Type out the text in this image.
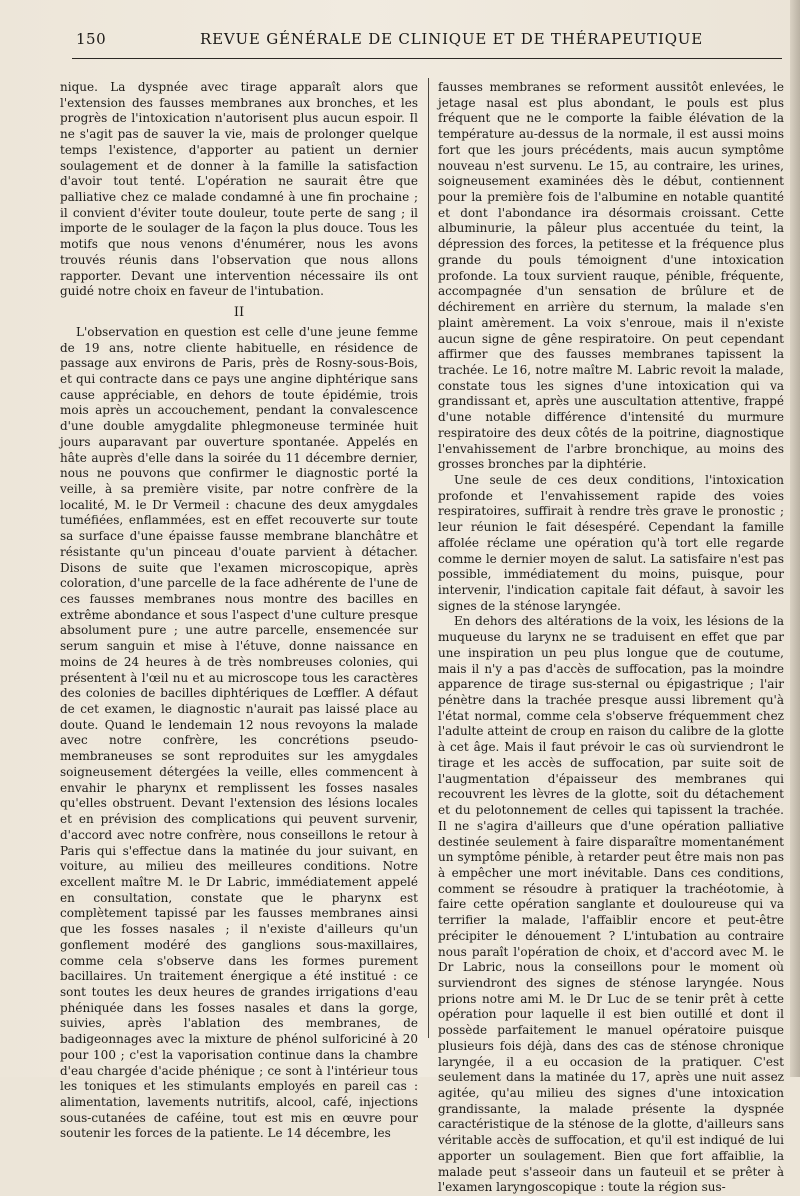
150	REVUE GÉNÉRALE DE CLINIQUE ET DE THÉRAPEUTIQUE

nique. La dyspnée avec tirage apparaît alors que l'extension des fausses membranes aux bronches, et les progrès de l'intoxication n'autorisent plus aucun espoir. Il ne s'agit pas de sauver la vie, mais de prolonger quelque temps l'existence, d'apporter au patient un dernier soulagement et de donner à la famille la satisfaction d'avoir tout tenté. L'opération ne saurait être que palliative chez ce malade condamné à une fin prochaine ; il convient d'éviter toute douleur, toute perte de sang ; il importe de le soulager de la façon la plus douce. Tous les motifs que nous venons d'énumérer, nous les avons trouvés réunis dans l'observation que nous allons rapporter. Devant une intervention nécessaire ils ont guidé notre choix en faveur de l'intubation.

II

L'observation en question est celle d'une jeune femme de 19 ans, notre cliente habituelle, en résidence de passage aux environs de Paris, près de Rosny-sous-Bois, et qui contracte dans ce pays une angine diphtérique sans cause appréciable, en dehors de toute épidémie, trois mois après un accouchement, pendant la convalescence d'une double amygdalite phlegmoneuse terminée huit jours auparavant par ouverture spontanée. Appelés en hâte auprès d'elle dans la soirée du 11 décembre dernier, nous ne pouvons que confirmer le diagnostic porté la veille, à sa première visite, par notre confrère de la localité, M. le Dr Vermeil : chacune des deux amygdales tuméfiées, enflammées, est en effet recouverte sur toute sa surface d'une épaisse fausse membrane blanchâtre et résistante qu'un pinceau d'ouate parvient à détacher. Disons de suite que l'examen microscopique, après coloration, d'une parcelle de la face adhérente de l'une de ces fausses membranes nous montre des bacilles en extrême abondance et sous l'aspect d'une culture presque absolument pure ; une autre parcelle, ensemencée sur serum sanguin et mise à l'étuve, donne naissance en moins de 24 heures à de très nombreuses colonies, qui présentent à l'œil nu et au microscope tous les caractères des colonies de bacilles diphtériques de Lœffler. A défaut de cet examen, le diagnostic n'aurait pas laissé place au doute. Quand le lendemain 12 nous revoyons la malade avec notre confrère, les concrétions pseudo-membraneuses se sont reproduites sur les amygdales soigneusement détergées la veille, elles commencent à envahir le pharynx et remplissent les fosses nasales qu'elles obstruent. Devant l'extension des lésions locales et en prévision des complications qui peuvent survenir, d'accord avec notre confrère, nous conseillons le retour à Paris qui s'effectue dans la matinée du jour suivant, en voiture, au milieu des meilleures conditions. Notre excellent maître M. le Dr Labric, immédiatement appelé en consultation, constate que le pharynx est complètement tapissé par les fausses membranes ainsi que les fosses nasales ; il n'existe d'ailleurs qu'un gonflement modéré des ganglions sous-maxillaires, comme cela s'observe dans les formes purement bacillaires. Un traitement énergique a été institué : ce sont toutes les deux heures de grandes irrigations d'eau phéniquée dans les fosses nasales et dans la gorge, suivies, après l'ablation des membranes, de badigeonnages avec la mixture de phénol sulforiciné à 20 pour 100 ; c'est la vaporisation continue dans la chambre d'eau chargée d'acide phénique ; ce sont à l'intérieur tous les toniques et les stimulants employés en pareil cas : alimentation, lavements nutritifs, alcool, café, injections sous-cutanées de caféine, tout est mis en œuvre pour soutenir les forces de la patiente. Le 14 décembre, les

fausses membranes se reforment aussitôt enlevées, le jetage nasal est plus abondant, le pouls est plus fréquent que ne le comporte la faible élévation de la température au-dessus de la normale, il est aussi moins fort que les jours précédents, mais aucun symptôme nouveau n'est survenu. Le 15, au contraire, les urines, soigneusement examinées dès le début, contiennent pour la première fois de l'albumine en notable quantité et dont l'abondance ira désormais croissant. Cette albuminurie, la pâleur plus accentuée du teint, la dépression des forces, la petitesse et la fréquence plus grande du pouls témoignent d'une intoxication profonde. La toux survient rauque, pénible, fréquente, accompagnée d'un sensation de brûlure et de déchirement en arrière du sternum, la malade s'en plaint amèrement. La voix s'enroue, mais il n'existe aucun signe de gêne respiratoire. On peut cependant affirmer que des fausses membranes tapissent la trachée. Le 16, notre maître M. Labric revoit la malade, constate tous les signes d'une intoxication qui va grandissant et, après une auscultation attentive, frappé d'une notable différence d'intensité du murmure respiratoire des deux côtés de la poitrine, diagnostique l'envahissement de l'arbre bronchique, au moins des grosses bronches par la diphtérie.

Une seule de ces deux conditions, l'intoxication profonde et l'envahissement rapide des voies respiratoires, suffirait à rendre très grave le pronostic ; leur réunion le fait désespéré. Cependant la famille affolée réclame une opération qu'à tort elle regarde comme le dernier moyen de salut. La satisfaire n'est pas possible, immédiatement du moins, puisque, pour intervenir, l'indication capitale fait défaut, à savoir les signes de la sténose laryngée.

En dehors des altérations de la voix, les lésions de la muqueuse du larynx ne se traduisent en effet que par une inspiration un peu plus longue que de coutume, mais il n'y a pas d'accès de suffocation, pas la moindre apparence de tirage sus-sternal ou épigastrique ; l'air pénètre dans la trachée presque aussi librement qu'à l'état normal, comme cela s'observe fréquemment chez l'adulte atteint de croup en raison du calibre de la glotte à cet âge. Mais il faut prévoir le cas où surviendront le tirage et les accès de suffocation, par suite soit de l'augmentation d'épaisseur des membranes qui recouvrent les lèvres de la glotte, soit du détachement et du pelotonnement de celles qui tapissent la trachée. Il ne s'agira d'ailleurs que d'une opération palliative destinée seulement à faire disparaître momentanément un symptôme pénible, à retarder peut être mais non pas à empêcher une mort inévitable. Dans ces conditions, comment se résoudre à pratiquer la trachéotomie, à faire cette opération sanglante et douloureuse qui va terrifier la malade, l'affaiblir encore et peut-être précipiter le dénouement ? L'intubation au contraire nous paraît l'opération de choix, et d'accord avec M. le Dr Labric, nous la conseillons pour le moment où surviendront des signes de sténose laryngée. Nous prions notre ami M. le Dr Luc de se tenir prêt à cette opération pour laquelle il est bien outillé et dont il possède parfaitement le manuel opératoire puisque plusieurs fois déjà, dans des cas de sténose chronique laryngée, il a eu occasion de la pratiquer. C'est seulement dans la matinée du 17, après une nuit assez agitée, qu'au milieu des signes d'une intoxication grandissante, la malade présente la dyspnée caractéristique de la sténose de la glotte, d'ailleurs sans véritable accès de suffocation, et qu'il est indiqué de lui apporter un soulagement. Bien que fort affaiblie, la malade peut s'asseoir dans un fauteuil et se prêter à l'examen laryngoscopique : toute la région sus-
